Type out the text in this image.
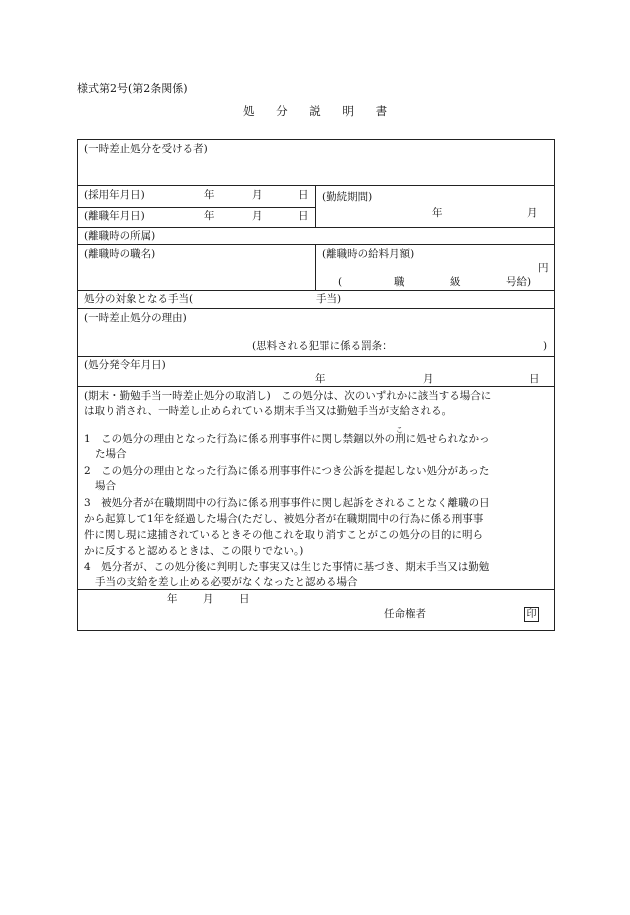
様式第2号(第2条関係)
処 分 説 明 書
(一時差止処分を受ける者)
(採用年月日)	年	月	日
(離職年月日)	年	月	日
(勤続期間)
年	月
(離職時の所属)
(離職時の職名)	(離職時の給料月額)
円
(	職	級	号給)
処分の対象となる手当(	手当)
(一時差止処分の理由)
(思料される犯罪に係る罰条：	)
(処分発令年月日)
年	月	日
(期末・勤勉手当一時差止処分の取消し)　この処分は、次のいずれかに該当する場合に
は取り消され、一時差し止められている期末手当又は勤勉手当が支給される。
こ
1　この処分の理由となった行為に係る刑事事件に関し禁錮以外の刑に処せられなかっ
た場合
2　この処分の理由となった行為に係る刑事事件につき公訴を提起しない処分があった
場合
3　被処分者が在職期間中の行為に係る刑事事件に関し起訴をされることなく離職の日
から起算して1年を経過した場合(ただし、被処分者が在職期間中の行為に係る刑事事
件に関し現に逮捕されているときその他これを取り消すことがこの処分の目的に明ら
かに反すると認めるときは、この限りでない。)
4　処分者が、この処分後に判明した事実又は生じた事情に基づき、期末手当又は勤勉
手当の支給を差し止める必要がなくなったと認める場合
年 月 日
任命権者	印
